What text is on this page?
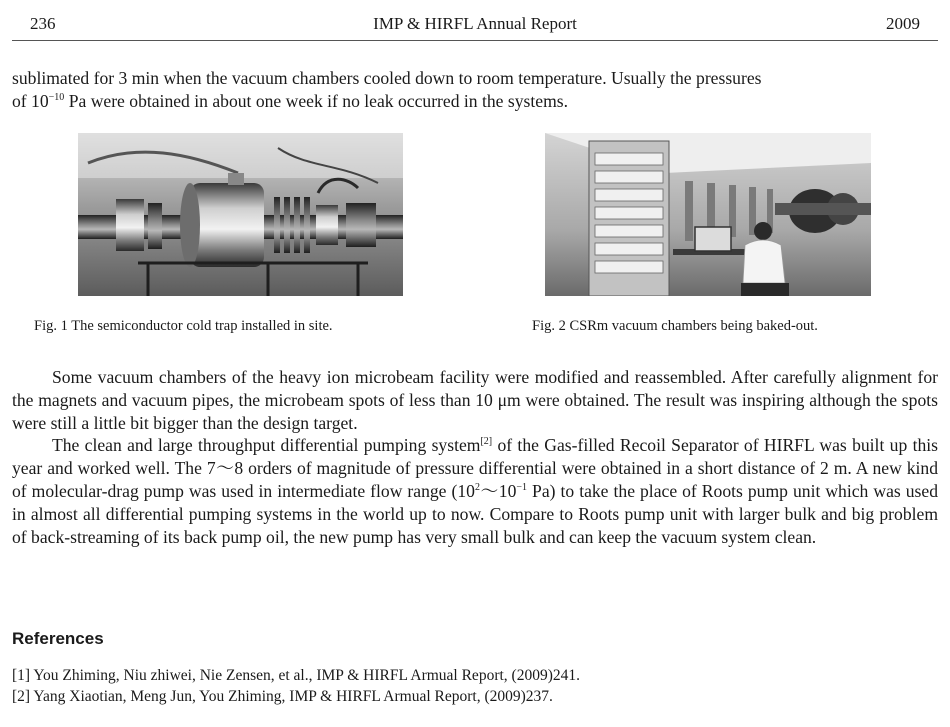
236	IMP & HIRFL Annual Report	2009

sublimated for 3 min when the vacuum chambers cooled down to room temperature. Usually the pressures
of $10^{-10}$ Pa were obtained in about one week if no leak occurred in the systems.

Fig. 1 The semiconductor cold trap installed in site.	Fig. 2 CSRm vacuum chambers being baked-out.

Some vacuum chambers of the heavy ion microbeam facility were modified and reassembled. After carefully alignment for the magnets and vacuum pipes, the microbeam spots of less than 10 μm were obtained. The result was inspiring although the spots were still a little bit bigger than the design target.

The clean and large throughput differential pumping system[2] of the Gas-filled Recoil Separator of HIRFL was built up this year and worked well. The 7～8 orders of magnitude of pressure differential were obtained in a short distance of 2 m. A new kind of molecular-drag pump was used in intermediate flow range ($10^2\sim 10^{-1}$ Pa) to take the place of Roots pump unit which was used in almost all differential pumping systems in the world up to now. Compare to Roots pump unit with larger bulk and big problem of back-streaming of its back pump oil, the new pump has very small bulk and can keep the vacuum system clean.

References
[1] You Zhiming, Niu zhiwei, Nie Zensen, et al., IMP & HIRFL Armual Report, (2009)241.
[2] Yang Xiaotian, Meng Jun, You Zhiming, IMP & HIRFL Armual Report, (2009)237.
